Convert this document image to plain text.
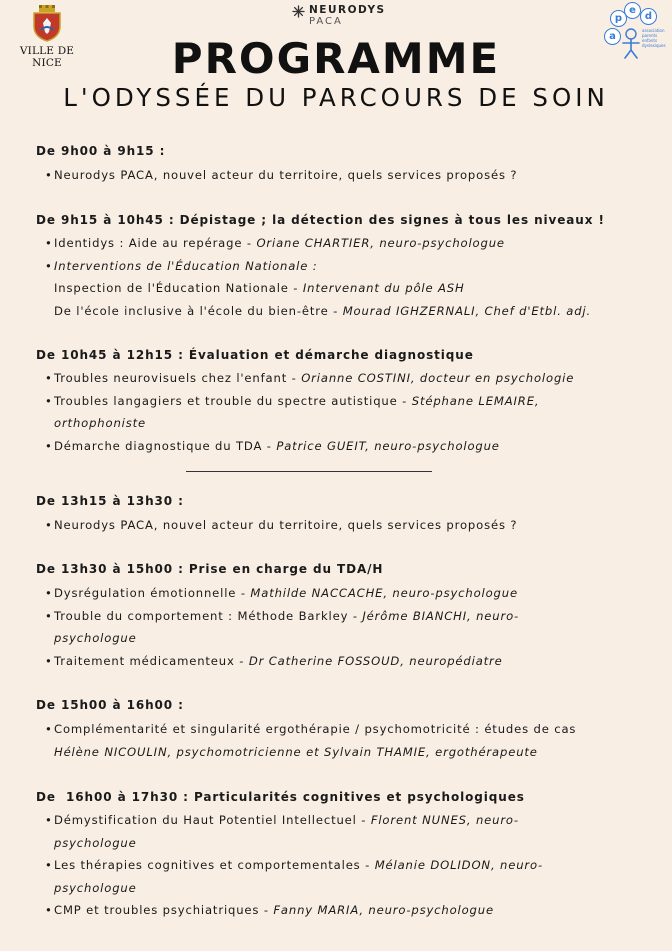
VILLE DE NICE
NEURODYS
PACA
a
p
e
d
association parents enfants dyslexiques
PROGRAMME
L'ODYSSÉE DU PARCOURS DE SOIN
De 9h00 à 9h15 :
• Neurodys PACA, nouvel acteur du territoire, quels services proposés ?
De 9h15 à 10h45 : Dépistage ; la détection des signes à tous les niveaux !
• Identidys : Aide au repérage - Oriane CHARTIER, neuro-psychologue
• Interventions de l'Éducation Nationale :
Inspection de l'Éducation Nationale - Intervenant du pôle ASH
De l'école inclusive à l'école du bien-être - Mourad IGHZERNALI, Chef d'Etbl. adj.
De 10h45 à 12h15 : Évaluation et démarche diagnostique
• Troubles neurovisuels chez l'enfant - Orianne COSTINI, docteur en psychologie
• Troubles langagiers et trouble du spectre autistique - Stéphane LEMAIRE,
orthophoniste
• Démarche diagnostique du TDA - Patrice GUEIT, neuro-psychologue
De 13h15 à 13h30 :
• Neurodys PACA, nouvel acteur du territoire, quels services proposés ?
De 13h30 à 15h00 : Prise en charge du TDA/H
• Dysrégulation émotionnelle - Mathilde NACCACHE, neuro-psychologue
• Trouble du comportement : Méthode Barkley - Jérôme BIANCHI, neuro-
psychologue
• Traitement médicamenteux - Dr Catherine FOSSOUD, neuropédiatre
De 15h00 à 16h00 :
• Complémentarité et singularité ergothérapie / psychomotricité : études de cas
Hélène NICOULIN, psychomotricienne et Sylvain THAMIE, ergothérapeute
De  16h00 à 17h30 : Particularités cognitives et psychologiques
• Démystification du Haut Potentiel Intellectuel - Florent NUNES, neuro-
psychologue
• Les thérapies cognitives et comportementales - Mélanie DOLIDON, neuro-
psychologue
• CMP et troubles psychiatriques - Fanny MARIA, neuro-psychologue
